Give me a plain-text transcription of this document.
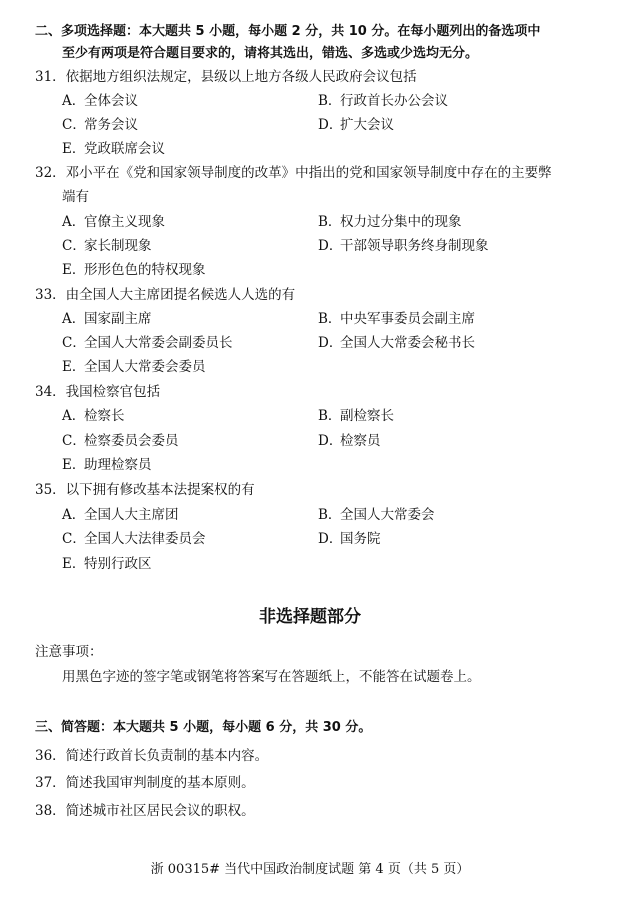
二、多项选择题：本大题共 5 小题，每小题 2 分，共 10 分。在每小题列出的备选项中
至少有两项是符合题目要求的，请将其选出，错选、多选或少选均无分。
31．依据地方组织法规定，县级以上地方各级人民政府会议包括
A．全体会议	B．行政首长办公会议
C．常务会议	D．扩大会议
E．党政联席会议
32．邓小平在《党和国家领导制度的改革》中指出的党和国家领导制度中存在的主要弊
端有
A．官僚主义现象	B．权力过分集中的现象
C．家长制现象	D．干部领导职务终身制现象
E．形形色色的特权现象
33．由全国人大主席团提名候选人人选的有
A．国家副主席	B．中央军事委员会副主席
C．全国人大常委会副委员长	D．全国人大常委会秘书长
E．全国人大常委会委员
34．我国检察官包括
A．检察长	B．副检察长
C．检察委员会委员	D．检察员
E．助理检察员
35．以下拥有修改基本法提案权的有
A．全国人大主席团	B．全国人大常委会
C．全国人大法律委员会	D．国务院
E．特别行政区
非选择题部分
注意事项：
用黑色字迹的签字笔或钢笔将答案写在答题纸上，不能答在试题卷上。
三、简答题：本大题共 5 小题，每小题 6 分，共 30 分。
36．简述行政首长负责制的基本内容。
37．简述我国审判制度的基本原则。
38．简述城市社区居民会议的职权。
浙 00315# 当代中国政治制度试题 第 4 页（共 5 页）
